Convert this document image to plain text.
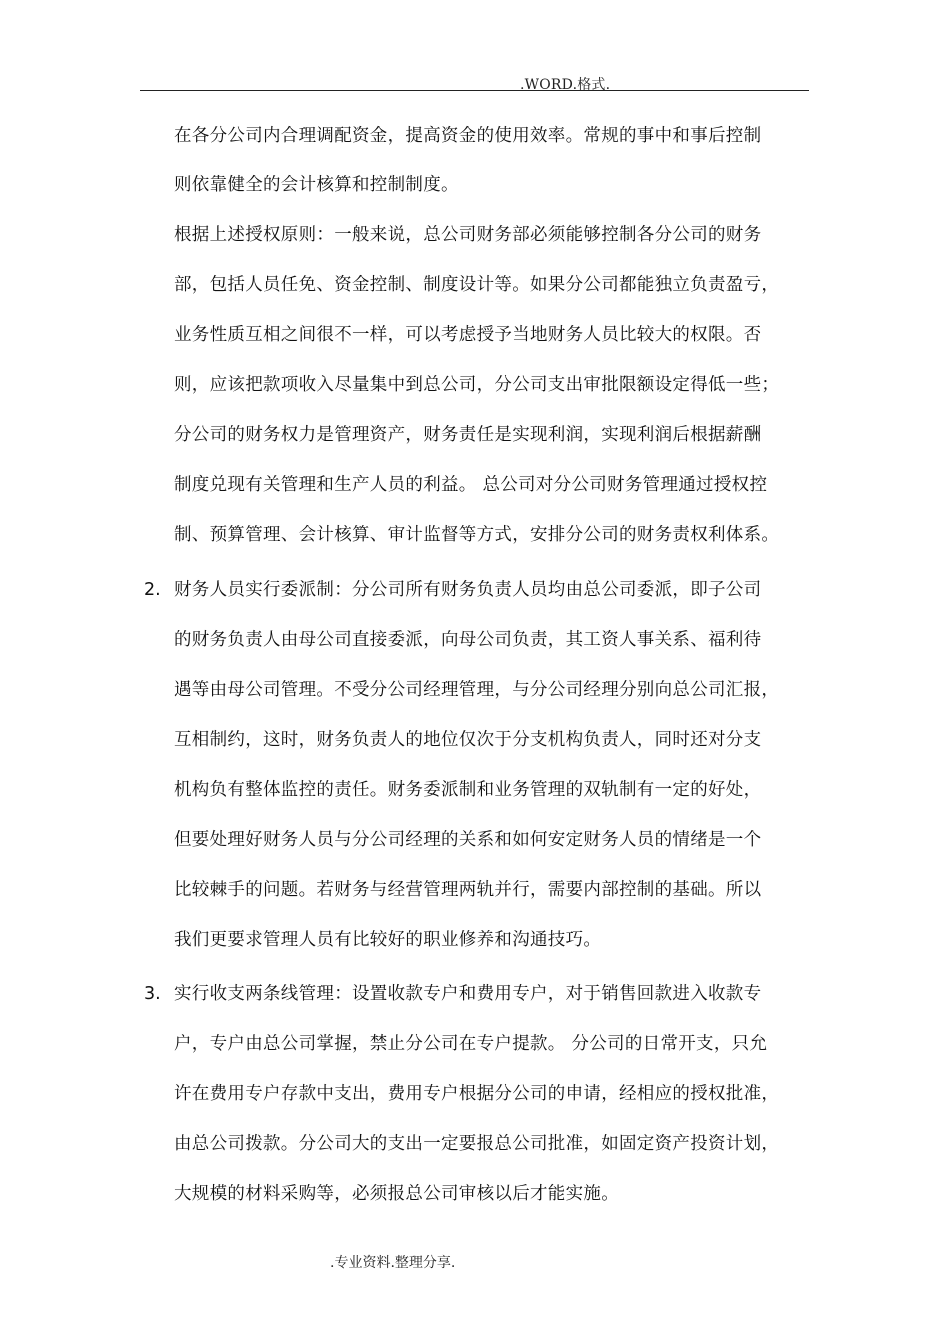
.WORD.格式.
在各分公司内合理调配资金，提高资金的使用效率。常规的事中和事后控制
则依靠健全的会计核算和控制制度。
根据上述授权原则：一般来说，总公司财务部必须能够控制各分公司的财务
部，包括人员任免、资金控制、制度设计等。如果分公司都能独立负责盈亏，
业务性质互相之间很不一样，可以考虑授予当地财务人员比较大的权限。否
则，应该把款项收入尽量集中到总公司，分公司支出审批限额设定得低一些；
分公司的财务权力是管理资产，财务责任是实现利润，实现利润后根据薪酬
制度兑现有关管理和生产人员的利益。 总公司对分公司财务管理通过授权控
制、预算管理、会计核算、审计监督等方式，安排分公司的财务责权利体系。
2. 财务人员实行委派制：分公司所有财务负责人员均由总公司委派，即子公司
的财务负责人由母公司直接委派，向母公司负责，其工资人事关系、福利待
遇等由母公司管理。不受分公司经理管理，与分公司经理分别向总公司汇报，
互相制约，这时，财务负责人的地位仅次于分支机构负责人，同时还对分支
机构负有整体监控的责任。财务委派制和业务管理的双轨制有一定的好处，
但要处理好财务人员与分公司经理的关系和如何安定财务人员的情绪是一个
比较棘手的问题。若财务与经营管理两轨并行，需要内部控制的基础。所以
我们更要求管理人员有比较好的职业修养和沟通技巧。
3. 实行收支两条线管理：设置收款专户和费用专户，对于销售回款进入收款专
户，专户由总公司掌握，禁止分公司在专户提款。 分公司的日常开支，只允
许在费用专户存款中支出，费用专户根据分公司的申请，经相应的授权批准，
由总公司拨款。分公司大的支出一定要报总公司批准，如固定资产投资计划，
大规模的材料采购等，必须报总公司审核以后才能实施。
.专业资料.整理分享.
